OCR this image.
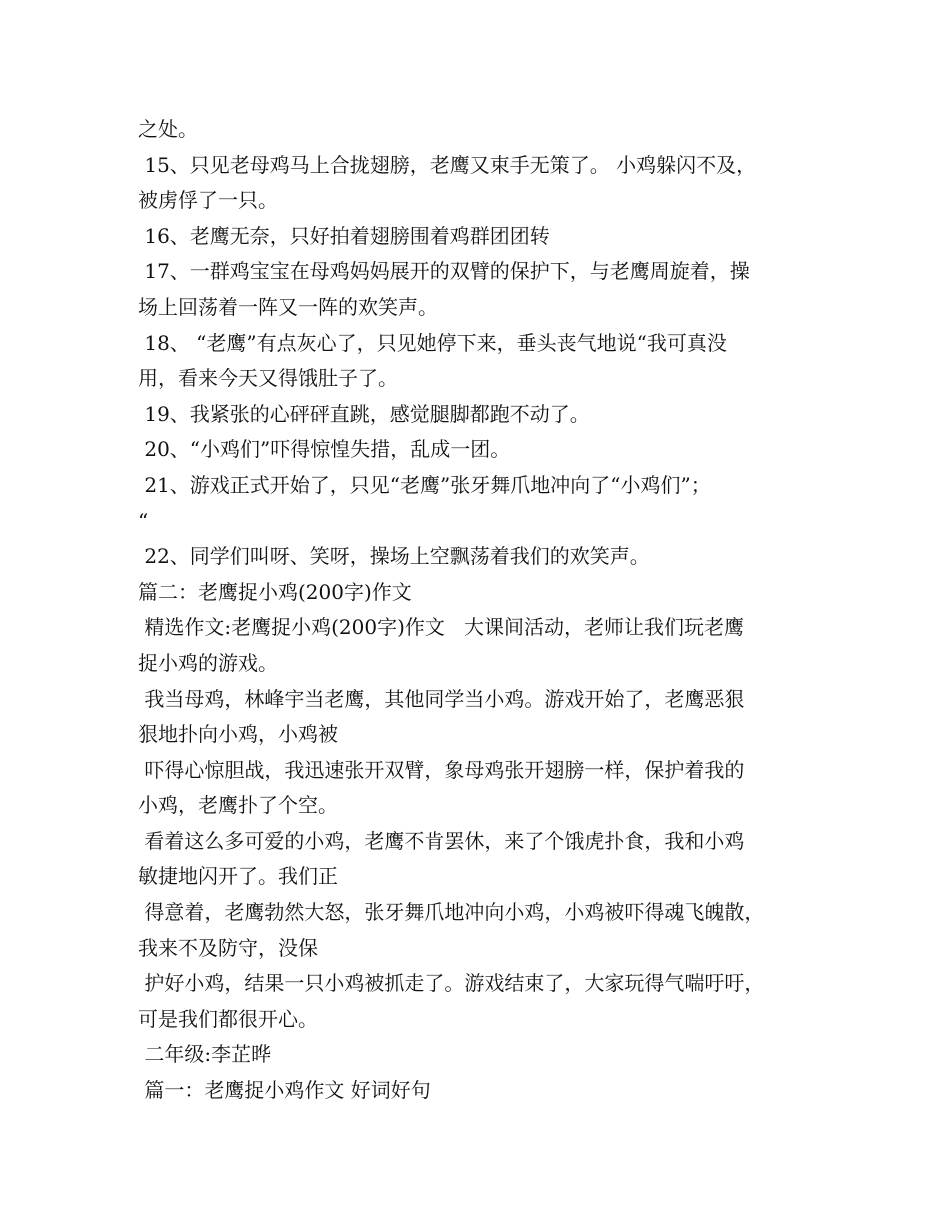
之处。
15、只见老母鸡马上合拢翅膀，老鹰又束手无策了。 小鸡躲闪不及，
被虏俘了一只。
16、老鹰无奈，只好拍着翅膀围着鸡群团团转
17、一群鸡宝宝在母鸡妈妈展开的双臂的保护下，与老鹰周旋着，操
场上回荡着一阵又一阵的欢笑声。
18、 “老鹰”有点灰心了，只见她停下来，垂头丧气地说“我可真没
用，看来今天又得饿肚子了。
19、我紧张的心砰砰直跳，感觉腿脚都跑不动了。
20、“小鸡们”吓得惊惶失措，乱成一团。
21、游戏正式开始了，只见“老鹰”张牙舞爪地冲向了“小鸡们”；
“
22、同学们叫呀、笑呀，操场上空飘荡着我们的欢笑声。
篇二：老鹰捉小鸡(200字)作文
精选作文:老鹰捉小鸡(200字)作文   大课间活动，老师让我们玩老鹰
捉小鸡的游戏。
我当母鸡，林峰宇当老鹰，其他同学当小鸡。游戏开始了，老鹰恶狠
狠地扑向小鸡，小鸡被
吓得心惊胆战，我迅速张开双臂，象母鸡张开翅膀一样，保护着我的
小鸡，老鹰扑了个空。
看着这么多可爱的小鸡，老鹰不肯罢休，来了个饿虎扑食，我和小鸡
敏捷地闪开了。我们正
得意着，老鹰勃然大怒，张牙舞爪地冲向小鸡，小鸡被吓得魂飞魄散，
我来不及防守，没保
护好小鸡，结果一只小鸡被抓走了。游戏结束了，大家玩得气喘吁吁，
可是我们都很开心。
二年级:李芷晔
篇一：老鹰捉小鸡作文 好词好句
